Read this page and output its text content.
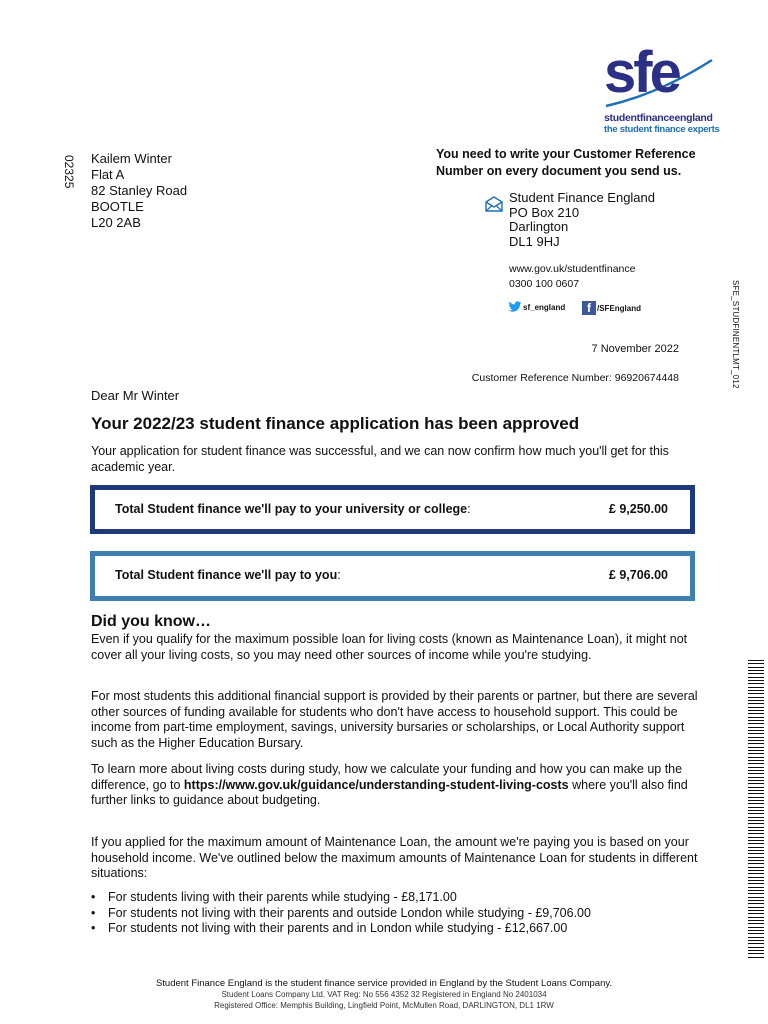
sfe
studentfinanceengland
the student finance experts
02325 Kailem Winter
Flat A
82 Stanley Road
BOOTLE
L20 2AB
You need to write your Customer Reference Number on every document you send us.
Student Finance England
PO Box 210
Darlington
DL1 9HJ
www.gov.uk/studentfinance
0300 100 0607
sf_england	f /SFEngland
7 November 2022
Customer Reference Number: 96920674448	SFE_STUDFINENTLMT_012
Dear Mr Winter
Your 2022/23 student finance application has been approved
Your application for student finance was successful, and we can now confirm how much you'll get for this academic year.
Total Student finance we'll pay to your university or college:	£ 9,250.00
Total Student finance we'll pay to you:	£ 9,706.00
Did you know…

Even if you qualify for the maximum possible loan for living costs (known as Maintenance Loan), it might not cover all your living costs, so you may need other sources of income while you're studying.

For most students this additional financial support is provided by their parents or partner, but there are several other sources of funding available for students who don't have access to household support. This could be income from part-time employment, savings, university bursaries or scholarships, or Local Authority support such as the Higher Education Bursary.

To learn more about living costs during study, how we calculate your funding and how you can make up the difference, go to https://www.gov.uk/guidance/understanding-student-living-costs where you'll also find further links to guidance about budgeting.

If you applied for the maximum amount of Maintenance Loan, the amount we're paying you is based on your household income. We've outlined below the maximum amounts of Maintenance Loan for students in different situations:

• For students living with their parents while studying - £8,171.00
• For students not living with their parents and outside London while studying - £9,706.00
• For students not living with their parents and in London while studying - £12,667.00
Student Finance England is the student finance service provided in England by the Student Loans Company.
Student Loans Company Ltd. VAT Reg: No 556 4352 32 Registered in England No 2401034
Registered Office: Memphis Building, Lingfield Point, McMullen Road, DARLINGTON, DL1 1RW
